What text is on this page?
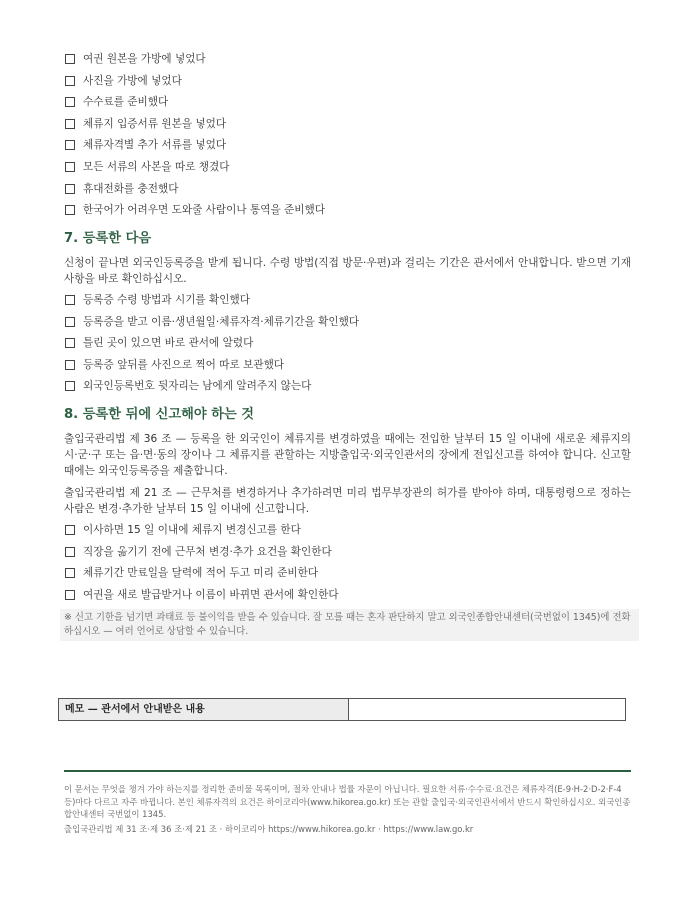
여권 원본을 가방에 넣었다
사진을 가방에 넣었다
수수료를 준비했다
체류지 입증서류 원본을 넣었다
체류자격별 추가 서류를 넣었다
모든 서류의 사본을 따로 챙겼다
휴대전화를 충전했다
한국어가 어려우면 도와줄 사람이나 통역을 준비했다
7. 등록한 다음

신청이 끝나면 외국인등록증을 받게 됩니다. 수령 방법(직접 방문·우편)과 걸리는 기간은 관서에서 안내합니다. 받으면 기재사항을 바로 확인하십시오.

등록증 수령 방법과 시기를 확인했다
등록증을 받고 이름·생년월일·체류자격·체류기간을 확인했다
틀린 곳이 있으면 바로 관서에 알렸다
등록증 앞뒤를 사진으로 찍어 따로 보관했다
외국인등록번호 뒷자리는 남에게 알려주지 않는다
8. 등록한 뒤에 신고해야 하는 것

출입국관리법 제 36 조 — 등록을 한 외국인이 체류지를 변경하였을 때에는 전입한 날부터 15 일 이내에 새로운 체류지의 시·군·구 또는 읍·면·동의 장이나 그 체류지를 관할하는 지방출입국·외국인관서의 장에게 전입신고를 하여야 합니다. 신고할 때에는 외국인등록증을 제출합니다.

출입국관리법 제 21 조 — 근무처를 변경하거나 추가하려면 미리 법무부장관의 허가를 받아야 하며, 대통령령으로 정하는 사람은 변경·추가한 날부터 15 일 이내에 신고합니다.

이사하면 15 일 이내에 체류지 변경신고를 한다
직장을 옮기기 전에 근무처 변경·추가 요건을 확인한다
체류기간 만료일을 달력에 적어 두고 미리 준비한다
여권을 새로 발급받거나 이름이 바뀌면 관서에 확인한다
※ 신고 기한을 넘기면 과태료 등 불이익을 받을 수 있습니다. 잘 모를 때는 혼자 판단하지 말고 외국인종합안내센터(국번없이 1345)에 전화하십시오 — 여러 언어로 상담할 수 있습니다.
메모 — 관서에서 안내받은 내용

이 문서는 무엇을 챙겨 가야 하는지를 정리한 준비물 목록이며, 절차 안내나 법률 자문이 아닙니다. 필요한 서류·수수료·요건은 체류자격(E-9·H-2·D-2·F-4 등)마다 다르고 자주 바뀝니다. 본인 체류자격의 요건은 하이코리아(www.hikorea.go.kr) 또는 관할 출입국·외국인관서에서 반드시 확인하십시오. 외국인종합안내센터 국번없이 1345.

출입국관리법 제 31 조·제 36 조·제 21 조 · 하이코리아 https://www.hikorea.go.kr · https://www.law.go.kr
